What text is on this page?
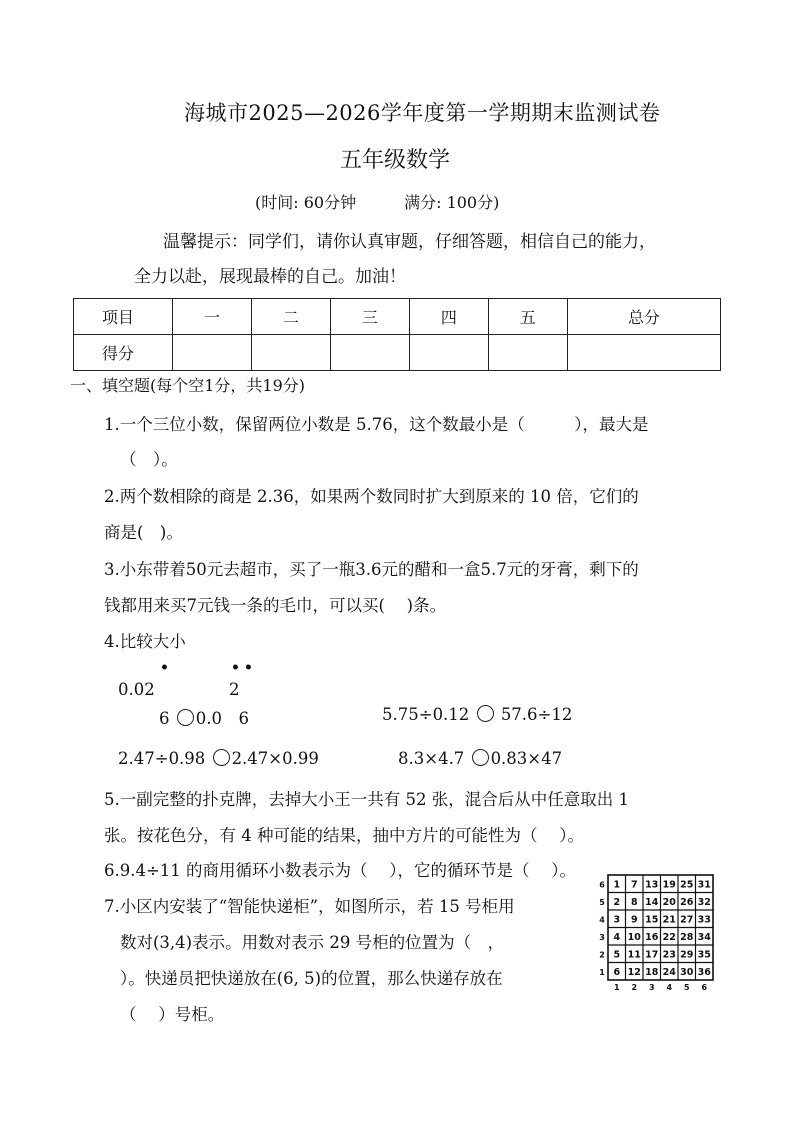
海城市2025—2026学年度第一学期期末监测试卷
五年级数学
(时间: 60分钟	满分: 100分)
温馨提示：同学们，请你认真审题，仔细答题，相信自己的能力，
全力以赴，展现最棒的自己。加油！
项目	一	二	三	四	五	总分
得分						
一、填空题(每个空1分，共19分)
1.一个三位小数，保留两位小数是 5.76，这个数最小是（　　　），最大是
（　）。
2.两个数相除的商是 2.36，如果两个数同时扩大到原来的 10 倍，它们的
商是(　)。
3.小东带着50元去超市，买了一瓶3.6元的醋和一盒5.7元的牙膏，剩下的
钱都用来买7元钱一条的毛巾，可以买(　 )条。
4.比较大小
•	• •
0.02	2
6 0.0　6	5.75÷0.12 57.6÷12
2.47÷0.98 2.47×0.99	8.3×4.7 0.83×47
5.一副完整的扑克牌，去掉大小王一共有 52 张，混合后从中任意取出 1
张。按花色分，有 4 种可能的结果，抽中方片的可能性为（　 ）。
6.9.4÷11 的商用循环小数表示为（　 ），它的循环节是（　 ）。
7.小区内安装了“智能快递柜”，如图所示，若 15 号柜用
数对(3,4)表示。用数对表示 29 号柜的位置为（　，
）。快递员把快递放在(6, 5)的位置，那么快递存放在
（　 ）号柜。
1 7 13 19 25 31
6
2 8 14 20 26 32
5
3 9 15 21 27 33
4
4 10 16 22 28 34
3
5 11 17 23 29 35
2
6 12 18 24 30 36
1
1 2 3 4 5 6
